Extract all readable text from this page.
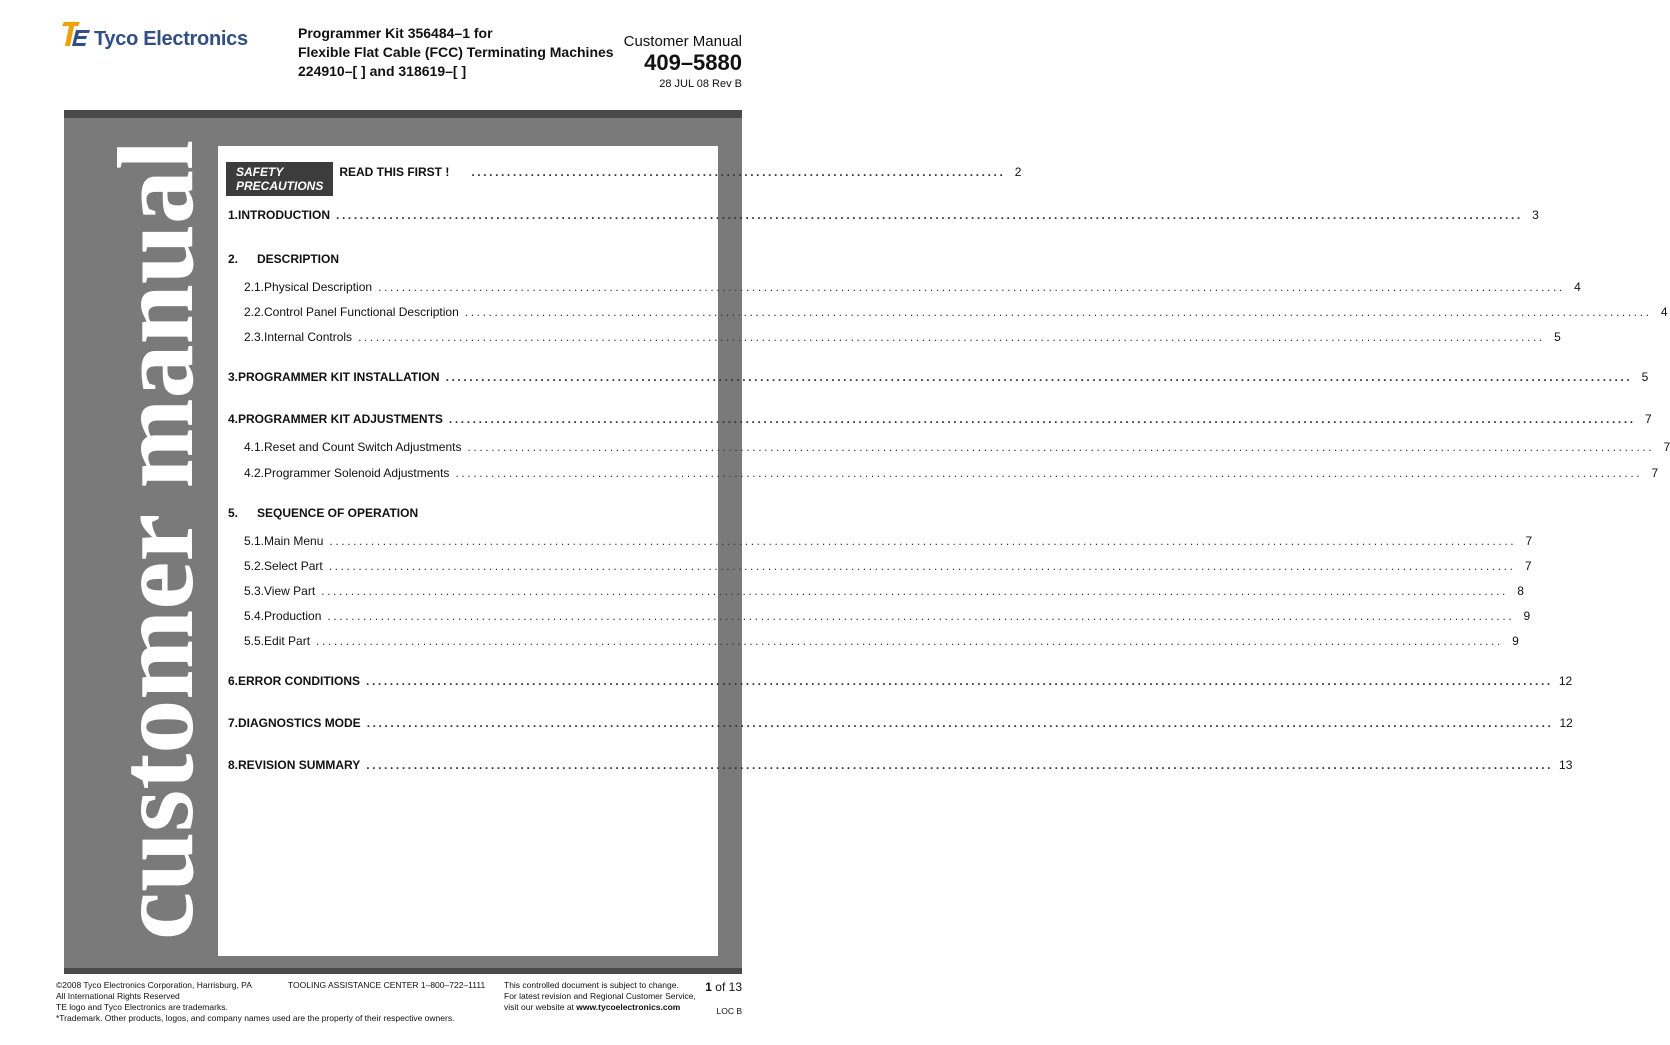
Tyco Electronics	Programmer Kit 356484–1 for
Flexible Flat Cable (FCC) Terminating Machines
224910–[ ] and 318619–[ ]
Customer Manual
409–5880
28 JUL 08 Rev B
customer manual	SAFETY PRECAUTIONS
READ THIS FIRST ! .......................................................................................... 2
1. INTRODUCTION ........................................................................................................................................................................................................ 3
2.	DESCRIPTION
2.1. Physical Description ........................................................................................................................................................................................................ 4
2.2. Control Panel Functional Description ........................................................................................................................................................................................................ 4
2.3. Internal Controls ........................................................................................................................................................................................................ 5
3. PROGRAMMER KIT INSTALLATION ........................................................................................................................................................................................................ 5
4. PROGRAMMER KIT ADJUSTMENTS ........................................................................................................................................................................................................ 7
4.1. Reset and Count Switch Adjustments ........................................................................................................................................................................................................ 7
4.2. Programmer Solenoid Adjustments ........................................................................................................................................................................................................ 7
5.	SEQUENCE OF OPERATION
5.1. Main Menu ........................................................................................................................................................................................................ 7
5.2. Select Part ........................................................................................................................................................................................................ 7
5.3. View Part ........................................................................................................................................................................................................ 8
5.4. Production ........................................................................................................................................................................................................ 9
5.5. Edit Part ........................................................................................................................................................................................................ 9
6. ERROR CONDITIONS ........................................................................................................................................................................................................ 12
7. DIAGNOSTICS MODE ........................................................................................................................................................................................................ 12
8. REVISION SUMMARY ........................................................................................................................................................................................................ 13
©2008 Tyco Electronics Corporation, Harrisburg, PA
All International Rights Reserved
TE logo and Tyco Electronics are trademarks.
*Trademark. Other products, logos, and company names used are the property of their respective owners.
TOOLING ASSISTANCE CENTER 1–800–722–1111 This controlled document is subject to change.
For latest revision and Regional Customer Service,
visit our website at www.tycoelectronics.com
1 of 13
LOC B
